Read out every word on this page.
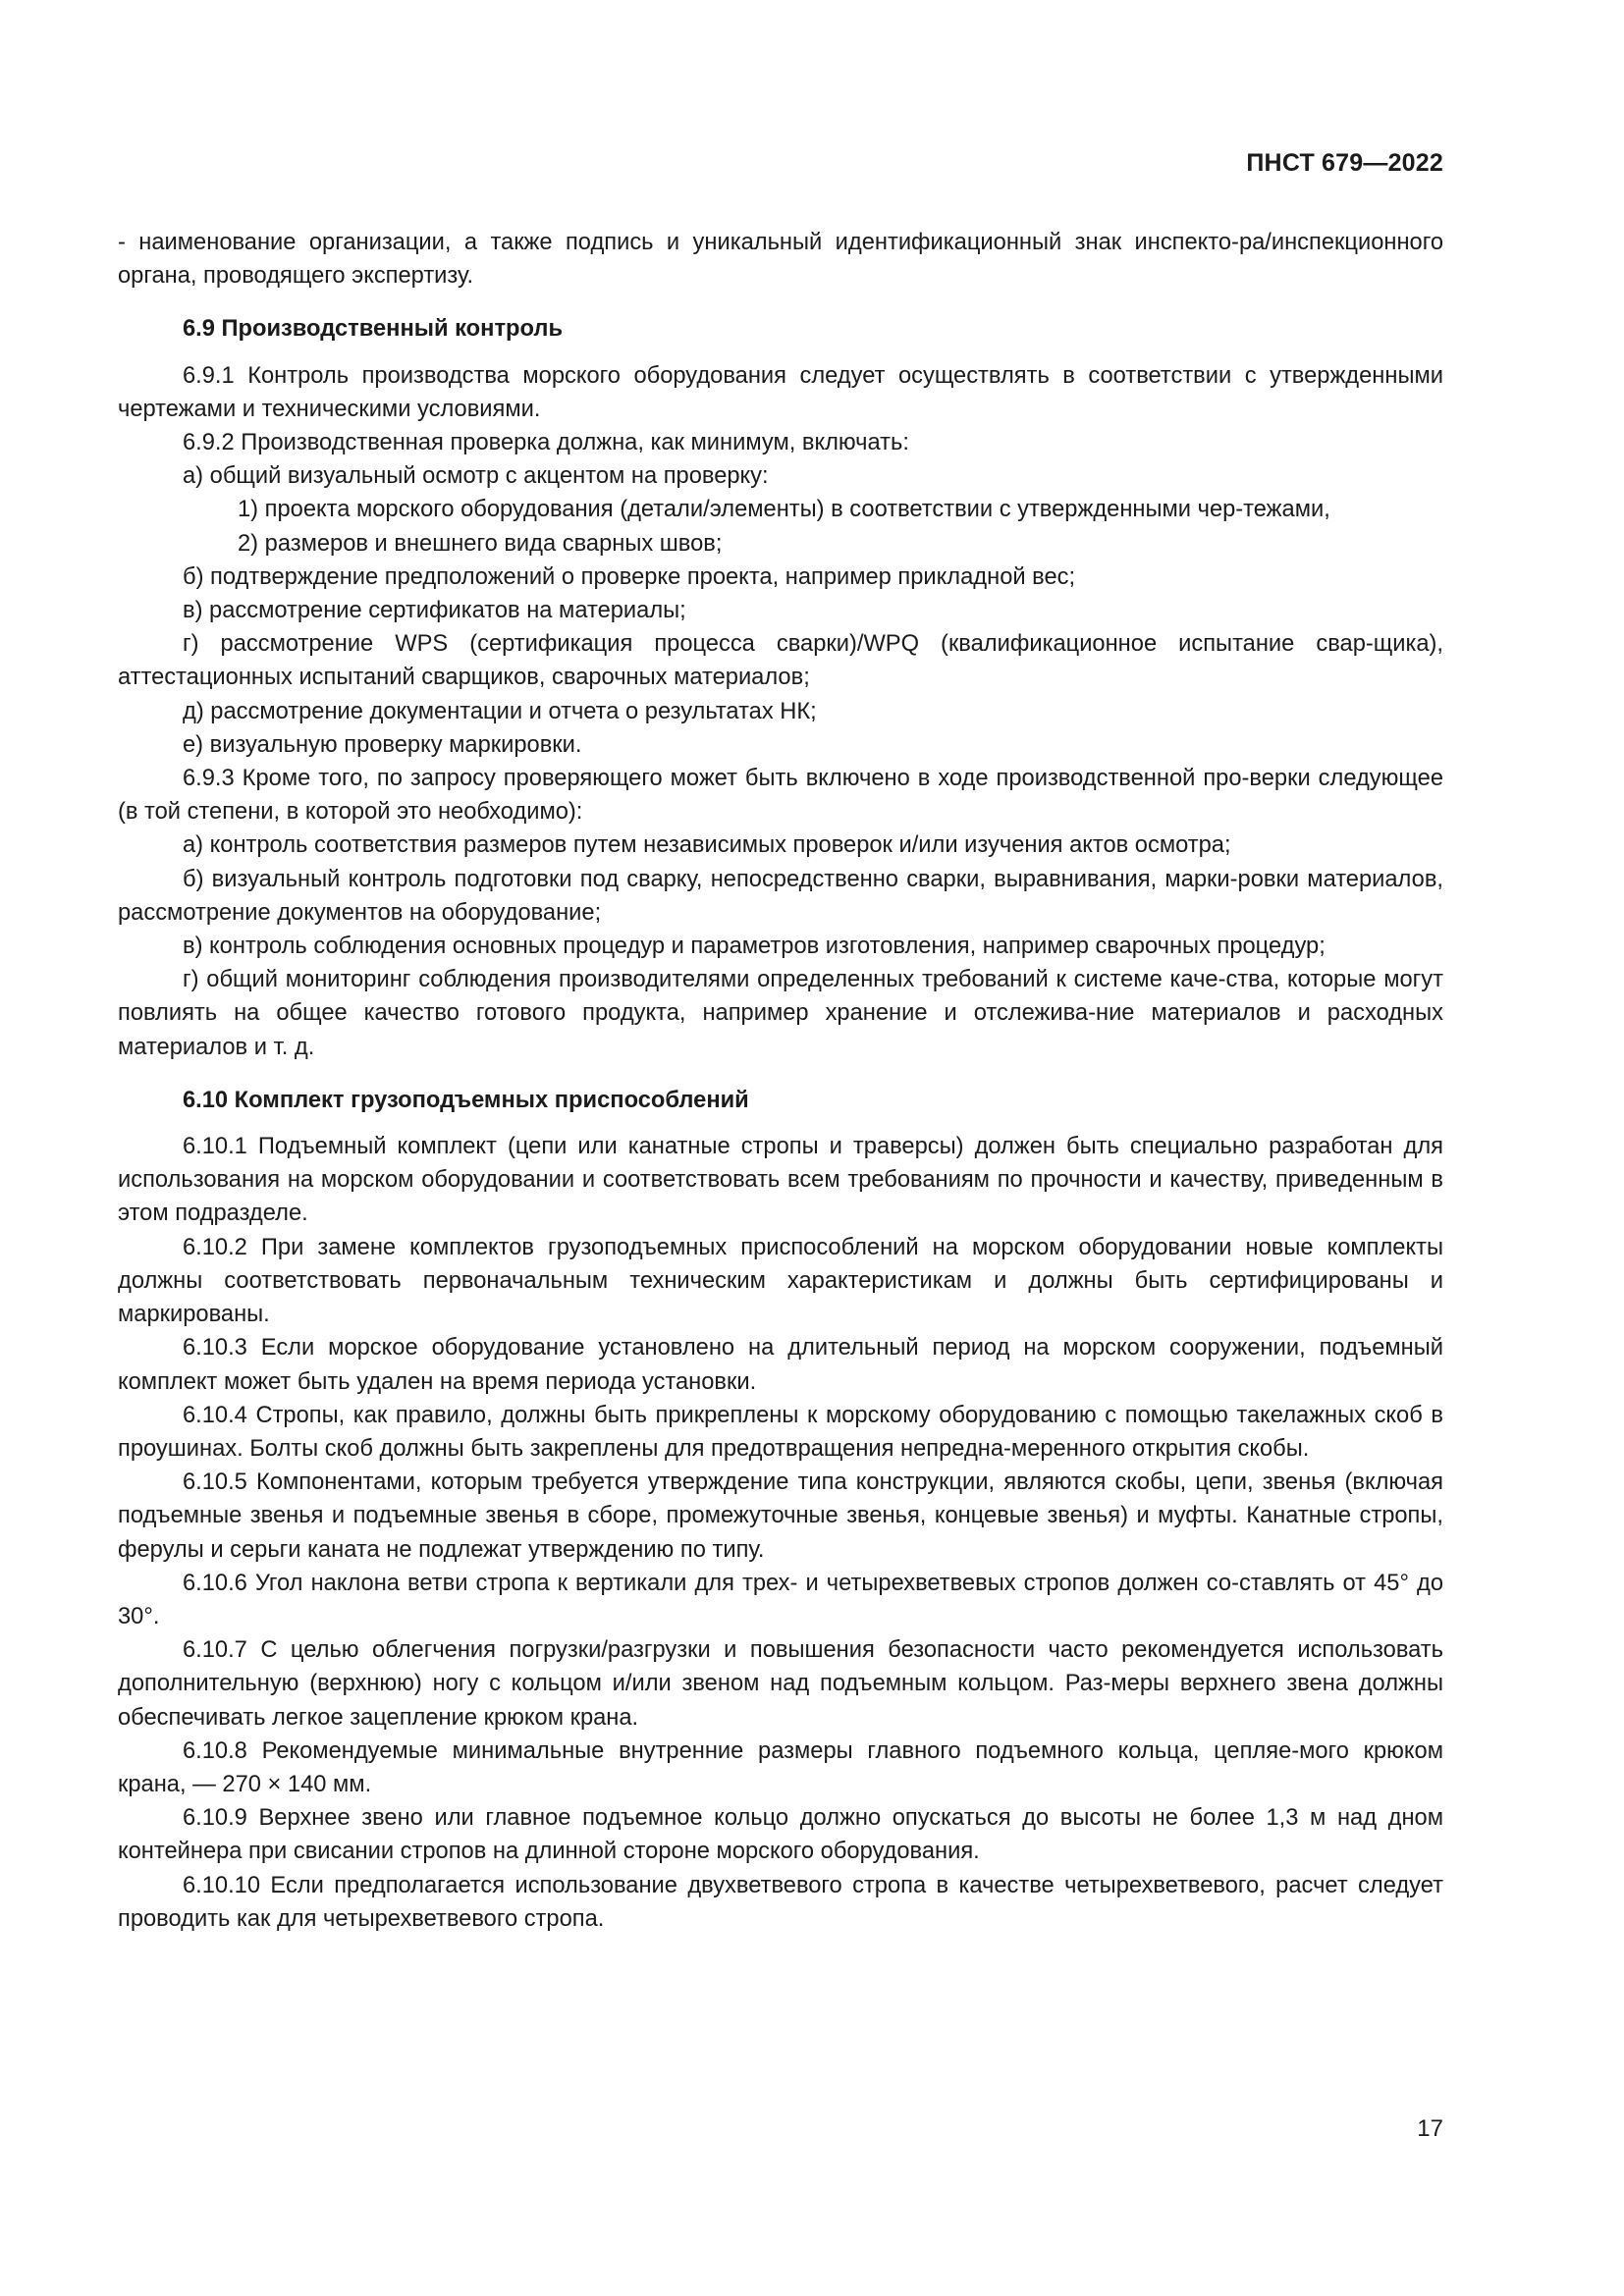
ПНСТ 679—2022

- наименование организации, а также подпись и уникальный идентификационный знак инспекто-ра/инспекционного органа, проводящего экспертизу.

6.9 Производственный контроль

6.9.1 Контроль производства морского оборудования следует осуществлять в соответствии с утвержденными чертежами и техническими условиями.

6.9.2 Производственная проверка должна, как минимум, включать:

а) общий визуальный осмотр с акцентом на проверку:

1) проекта морского оборудования (детали/элементы) в соответствии с утвержденными чер-тежами,

2) размеров и внешнего вида сварных швов;

б) подтверждение предположений о проверке проекта, например прикладной вес;

в) рассмотрение сертификатов на материалы;

г) рассмотрение WPS (сертификация процесса сварки)/WPQ (квалификационное испытание свар-щика), аттестационных испытаний сварщиков, сварочных материалов;

д) рассмотрение документации и отчета о результатах НК;

е) визуальную проверку маркировки.

6.9.3 Кроме того, по запросу проверяющего может быть включено в ходе производственной про-верки следующее (в той степени, в которой это необходимо):

а) контроль соответствия размеров путем независимых проверок и/или изучения актов осмотра;

б) визуальный контроль подготовки под сварку, непосредственно сварки, выравнивания, марки-ровки материалов, рассмотрение документов на оборудование;

в) контроль соблюдения основных процедур и параметров изготовления, например сварочных процедур;

г) общий мониторинг соблюдения производителями определенных требований к системе каче-ства, которые могут повлиять на общее качество готового продукта, например хранение и отслежива-ние материалов и расходных материалов и т. д.

6.10 Комплект грузоподъемных приспособлений

6.10.1 Подъемный комплект (цепи или канатные стропы и траверсы) должен быть специально разработан для использования на морском оборудовании и соответствовать всем требованиям по прочности и качеству, приведенным в этом подразделе.

6.10.2 При замене комплектов грузоподъемных приспособлений на морском оборудовании новые комплекты должны соответствовать первоначальным техническим характеристикам и должны быть сертифицированы и маркированы.

6.10.3 Если морское оборудование установлено на длительный период на морском сооружении, подъемный комплект может быть удален на время периода установки.

6.10.4 Стропы, как правило, должны быть прикреплены к морскому оборудованию с помощью такелажных скоб в проушинах. Болты скоб должны быть закреплены для предотвращения непредна-меренного открытия скобы.

6.10.5 Компонентами, которым требуется утверждение типа конструкции, являются скобы, цепи, звенья (включая подъемные звенья и подъемные звенья в сборе, промежуточные звенья, концевые звенья) и муфты. Канатные стропы, ферулы и серьги каната не подлежат утверждению по типу.

6.10.6 Угол наклона ветви стропа к вертикали для трех- и четырехветвевых стропов должен со-ставлять от 45° до 30°.

6.10.7 С целью облегчения погрузки/разгрузки и повышения безопасности часто рекомендуется использовать дополнительную (верхнюю) ногу с кольцом и/или звеном над подъемным кольцом. Раз-меры верхнего звена должны обеспечивать легкое зацепление крюком крана.

6.10.8 Рекомендуемые минимальные внутренние размеры главного подъемного кольца, цепляе-мого крюком крана, — 270 × 140 мм.

6.10.9 Верхнее звено или главное подъемное кольцо должно опускаться до высоты не более 1,3 м над дном контейнера при свисании стропов на длинной стороне морского оборудования.

6.10.10 Если предполагается использование двухветвевого стропа в качестве четырехветвевого, расчет следует проводить как для четырехветвевого стропа.

17
